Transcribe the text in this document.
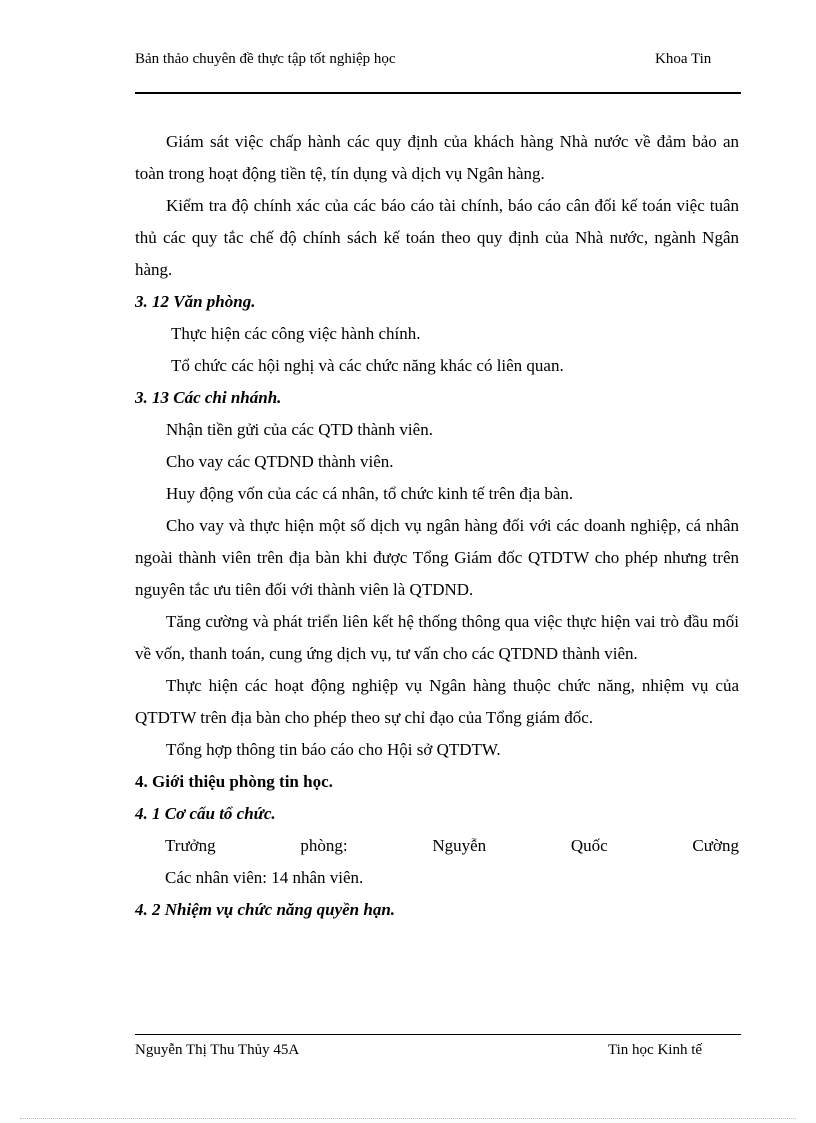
Bản thảo chuyên đề thực tập tốt nghiệp học	Khoa Tin

Giám sát việc chấp hành các quy định của khách hàng Nhà nước về đảm bảo an toàn trong hoạt động tiền tệ, tín dụng và dịch vụ Ngân hàng.

Kiểm tra độ chính xác của các báo cáo tài chính, báo cáo cân đối kế toán việc tuân thủ các quy tắc chế độ chính sách kế toán theo quy định của Nhà nước, ngành Ngân hàng.

3. 12 Văn phòng.

Thực hiện các công việc hành chính.

Tổ chức các hội nghị và các chức năng khác có liên quan.

3. 13 Các chi nhánh.

Nhận tiền gửi của các QTD thành viên.

Cho vay các QTDND thành viên.

Huy động vốn của các cá nhân, tổ chức kinh tế trên địa bàn.

Cho vay và thực hiện một số dịch vụ ngân hàng đối với các doanh nghiệp, cá nhân ngoài thành viên trên địa bàn khi được Tổng Giám đốc QTDTW cho phép nhưng trên nguyên tắc ưu tiên đối với thành viên là QTDND.

Tăng cường và phát triển liên kết hệ thống thông qua việc thực hiện vai trò đầu mối về vốn, thanh toán, cung ứng dịch vụ, tư vấn cho các QTDND thành viên.

Thực hiện các hoạt động nghiệp vụ Ngân hàng thuộc chức năng, nhiệm vụ của QTDTW trên địa bàn cho phép theo sự chỉ đạo của Tổng giám đốc.

Tổng hợp thông tin báo cáo cho Hội sở QTDTW.

4. Giới thiệu phòng tin học.

4. 1 Cơ cấu tổ chức.

Trưởng	phòng:	Nguyễn	Quốc	Cường

Các nhân viên: 14 nhân viên.

4. 2 Nhiệm vụ chức năng quyền hạn.

Nguyễn Thị Thu Thủy 45A	Tin học Kinh tế
